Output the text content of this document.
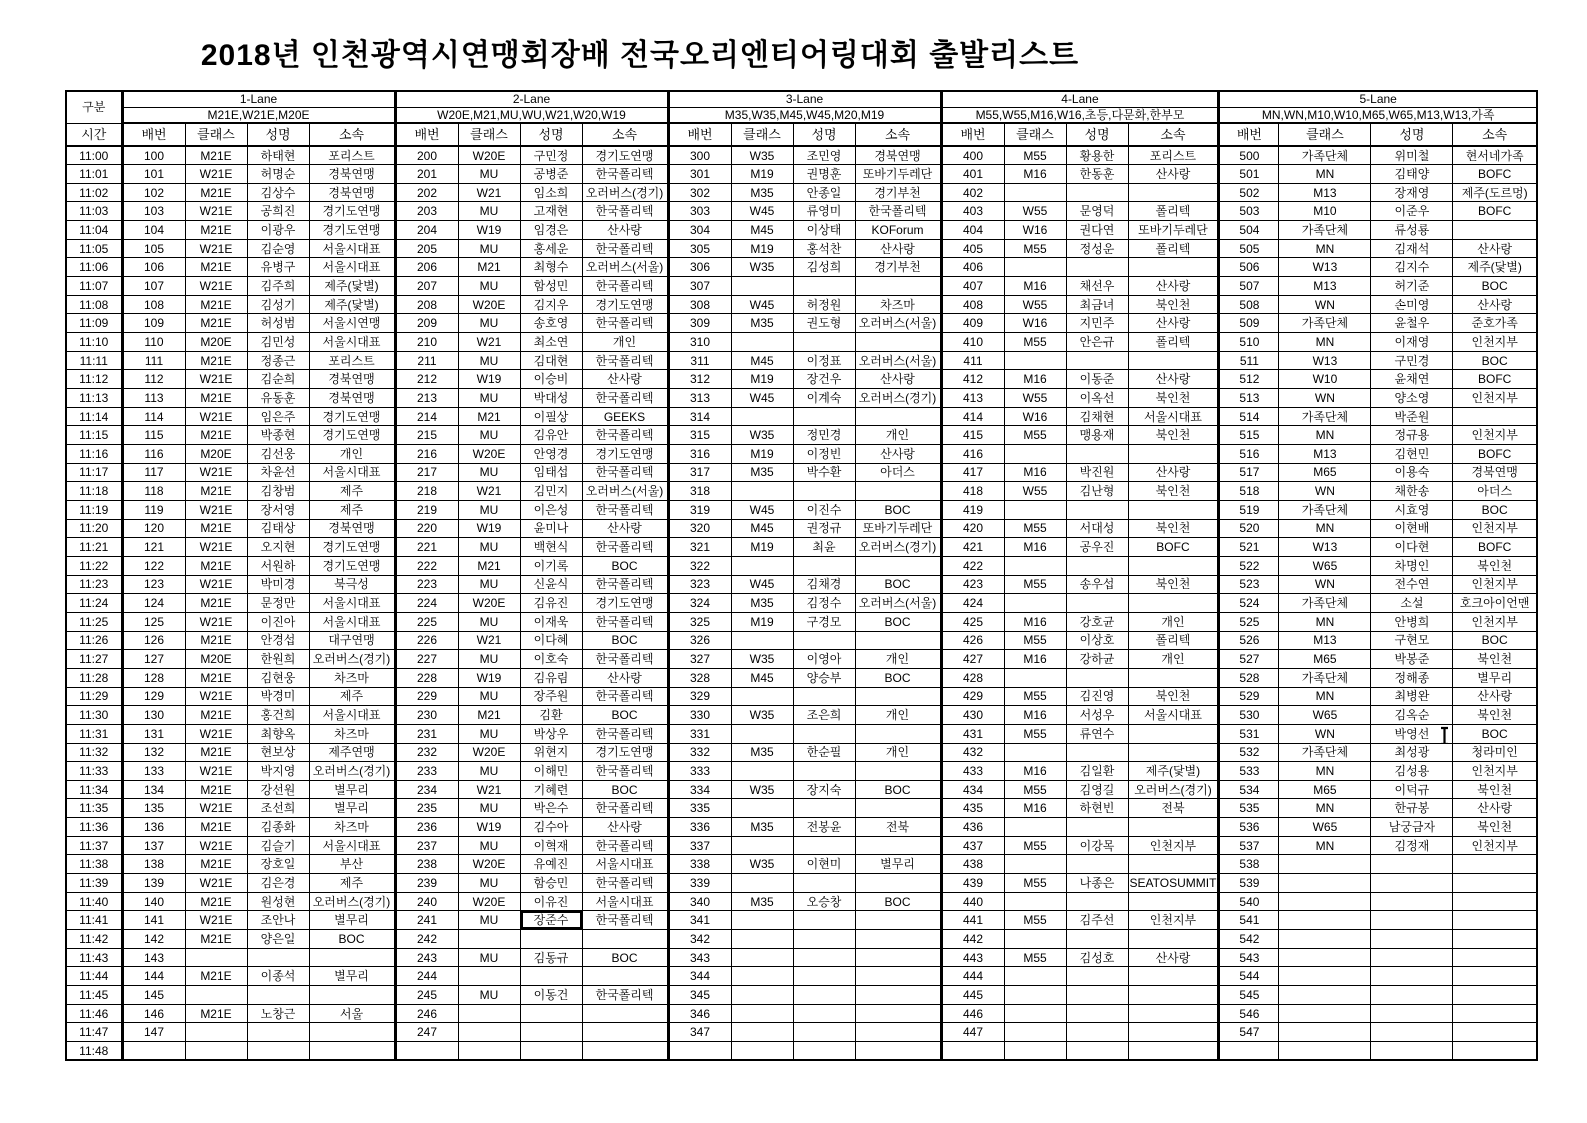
2018년 인천광역시연맹회장배 전국오리엔티어링대회 출발리스트
구분	1-Lane				2-Lane				3-Lane				4-Lane				5-Lane			
	M21E,W21E,M20E				W20E,M21,MU,WU,W21,W20,W19				M35,W35,M45,W45,M20,M19				M55,W55,M16,W16,초등,다문화,한부모				MN,WN,M10,W10,M65,W65,M13,W13,가족			
시간	배번	클래스	성명	소속	배번	클래스	성명	소속	배번	클래스	성명	소속	배번	클래스	성명	소속	배번	클래스	성명	소속
11:00	100	M21E	하태현	포리스트	200	W20E	구민정	경기도연맹	300	W35	조민영	경북연맹	400	M55	황용한	포리스트	500	가족단체	위미철	현서네가족
11:01	101	W21E	허명순	경북연맹	201	MU	공병준	한국폴리텍	301	M19	권명훈	또바기두레단	401	M16	한동훈	산사랑	501	MN	김태양	BOFC
11:02	102	M21E	김상수	경북연맹	202	W21	임소희	오러버스(경기)	302	M35	안종일	경기부천	402				502	M13	장재영	제주(도르멍)
11:03	103	W21E	공희진	경기도연맹	203	MU	고재현	한국폴리텍	303	W45	류영미	한국폴리텍	403	W55	문영덕	폴리텍	503	M10	이준우	BOFC
11:04	104	M21E	이광우	경기도연맹	204	W19	임경은	산사랑	304	M45	이상태	KOForum	404	W16	권다연	또바기두레단	504	가족단체	류성룡	
11:05	105	W21E	김순영	서울시대표	205	MU	홍세운	한국폴리텍	305	M19	홍석찬	산사랑	405	M55	정성운	폴리텍	505	MN	김재석	산사랑
11:06	106	M21E	유병구	서울시대표	206	M21	최형수	오러버스(서울)	306	W35	김성희	경기부천	406				506	W13	김지수	제주(닻별)
11:07	107	W21E	김주희	제주(닻별)	207	MU	함성민	한국폴리텍	307				407	M16	채선우	산사랑	507	M13	허기준	BOC
11:08	108	M21E	김성기	제주(닻별)	208	W20E	김지우	경기도연맹	308	W45	허정원	차즈마	408	W55	최금녀	북인천	508	WN	손미영	산사랑
11:09	109	M21E	허성범	서울시연맹	209	MU	송호영	한국폴리텍	309	M35	권도형	오러버스(서울)	409	W16	지민주	산사랑	509	가족단체	윤철우	준호가족
11:10	110	M20E	김민성	서울시대표	210	W21	최소연	개인	310				410	M55	안은규	폴리텍	510	MN	이재영	인천지부
11:11	111	M21E	정종근	포리스트	211	MU	김대현	한국폴리텍	311	M45	이정표	오러버스(서울)	411				511	W13	구민경	BOC
11:12	112	W21E	김순희	경북연맹	212	W19	이승비	산사랑	312	M19	장건우	산사랑	412	M16	이동준	산사랑	512	W10	윤채연	BOFC
11:13	113	M21E	유동훈	경북연맹	213	MU	박대성	한국폴리텍	313	W45	이계숙	오러버스(경기)	413	W55	이옥선	북인천	513	WN	양소영	인천지부
11:14	114	W21E	임은주	경기도연맹	214	M21	이필상	GEEKS	314				414	W16	김채현	서울시대표	514	가족단체	박준원	
11:15	115	M21E	박종현	경기도연맹	215	MU	김유안	한국폴리텍	315	W35	정민경	개인	415	M55	맹용재	북인천	515	MN	정규용	인천지부
11:16	116	M20E	김선웅	개인	216	W20E	안영경	경기도연맹	316	M19	이정빈	산사랑	416				516	M13	김현민	BOFC
11:17	117	W21E	차윤선	서울시대표	217	MU	임태섭	한국폴리텍	317	M35	박수환	아더스	417	M16	박진원	산사랑	517	M65	이용숙	경북연맹
11:18	118	M21E	김창범	제주	218	W21	김민지	오러버스(서울)	318				418	W55	김난형	북인천	518	WN	채한송	아더스
11:19	119	W21E	장서영	제주	219	MU	이은성	한국폴리텍	319	W45	이진수	BOC	419				519	가족단체	시효영	BOC
11:20	120	M21E	김태상	경북연맹	220	W19	윤미나	산사랑	320	M45	권정규	또바기두레단	420	M55	서대성	북인천	520	MN	이현배	인천지부
11:21	121	W21E	오지현	경기도연맹	221	MU	백현식	한국폴리텍	321	M19	최윤	오러버스(경기)	421	M16	공우진	BOFC	521	W13	이다현	BOFC
11:22	122	M21E	서원하	경기도연맹	222	M21	이기록	BOC	322				422				522	W65	차명인	북인천
11:23	123	W21E	박미경	북극성	223	MU	신윤식	한국폴리텍	323	W45	김채경	BOC	423	M55	송우섭	북인천	523	WN	전수연	인천지부
11:24	124	M21E	문정만	서울시대표	224	W20E	김유진	경기도연맹	324	M35	김정수	오러버스(서울)	424				524	가족단체	소설	호크아이언맨
11:25	125	W21E	이진아	서울시대표	225	MU	이재욱	한국폴리텍	325	M19	구경모	BOC	425	M16	강호균	개인	525	MN	안병희	인천지부
11:26	126	M21E	안경섭	대구연맹	226	W21	이다혜	BOC	326				426	M55	이상호	폴리텍	526	M13	구현모	BOC
11:27	127	M20E	한원희	오러버스(경기)	227	MU	이호숙	한국폴리텍	327	W35	이영아	개인	427	M16	강하균	개인	527	M65	박봉준	북인천
11:28	128	M21E	김현웅	차즈마	228	W19	김유림	산사랑	328	M45	양승부	BOC	428				528	가족단체	정해종	별무리
11:29	129	W21E	박경미	제주	229	MU	장주원	한국폴리텍	329				429	M55	김진영	북인천	529	MN	최병완	산사랑
11:30	130	M21E	홍건희	서울시대표	230	M21	김환	BOC	330	W35	조은희	개인	430	M16	서성우	서울시대표	530	W65	김옥순	북인천
11:31	131	W21E	최향옥	차즈마	231	MU	박상우	한국폴리텍	331				431	M55	류연수		531	WN	박영선	BOC
11:32	132	M21E	현보상	제주연맹	232	W20E	위현지	경기도연맹	332	M35	한순필	개인	432				532	가족단체	최성광	청라미인
11:33	133	W21E	박지영	오러버스(경기)	233	MU	이해민	한국폴리텍	333				433	M16	김일환	제주(닻별)	533	MN	김성용	인천지부
11:34	134	M21E	강선원	별무리	234	W21	기혜련	BOC	334	W35	장지숙	BOC	434	M55	김영길	오러버스(경기)	534	M65	이덕규	북인천
11:35	135	W21E	조선희	별무리	235	MU	박은수	한국폴리텍	335				435	M16	하현빈	전북	535	MN	한규봉	산사랑
11:36	136	M21E	김종화	차즈마	236	W19	김수아	산사랑	336	M35	전봉윤	전북	436				536	W65	남궁금자	북인천
11:37	137	W21E	김슬기	서울시대표	237	MU	이혁재	한국폴리텍	337				437	M55	이강목	인천지부	537	MN	김정재	인천지부
11:38	138	M21E	장호일	부산	238	W20E	유예진	서울시대표	338	W35	이현미	별무리	438				538			
11:39	139	W21E	김은경	제주	239	MU	함승민	한국폴리텍	339				439	M55	나종은	SEATOSUMMIT	539			
11:40	140	M21E	원성현	오러버스(경기)	240	W20E	이유진	서울시대표	340	M35	오승창	BOC	440				540			
11:41	141	W21E	조안나	별무리	241	MU	장준수	한국폴리텍	341				441	M55	김주선	인천지부	541			
11:42	142	M21E	양은일	BOC	242				342				442				542			
11:43	143				243	MU	김동규	BOC	343				443	M55	김성호	산사랑	543			
11:44	144	M21E	이종석	별무리	244				344				444				544			
11:45	145				245	MU	이동건	한국폴리텍	345				445				545			
11:46	146	M21E	노창근	서울	246				346				446				546			
11:47	147				247				347				447				547			
11:48																				
